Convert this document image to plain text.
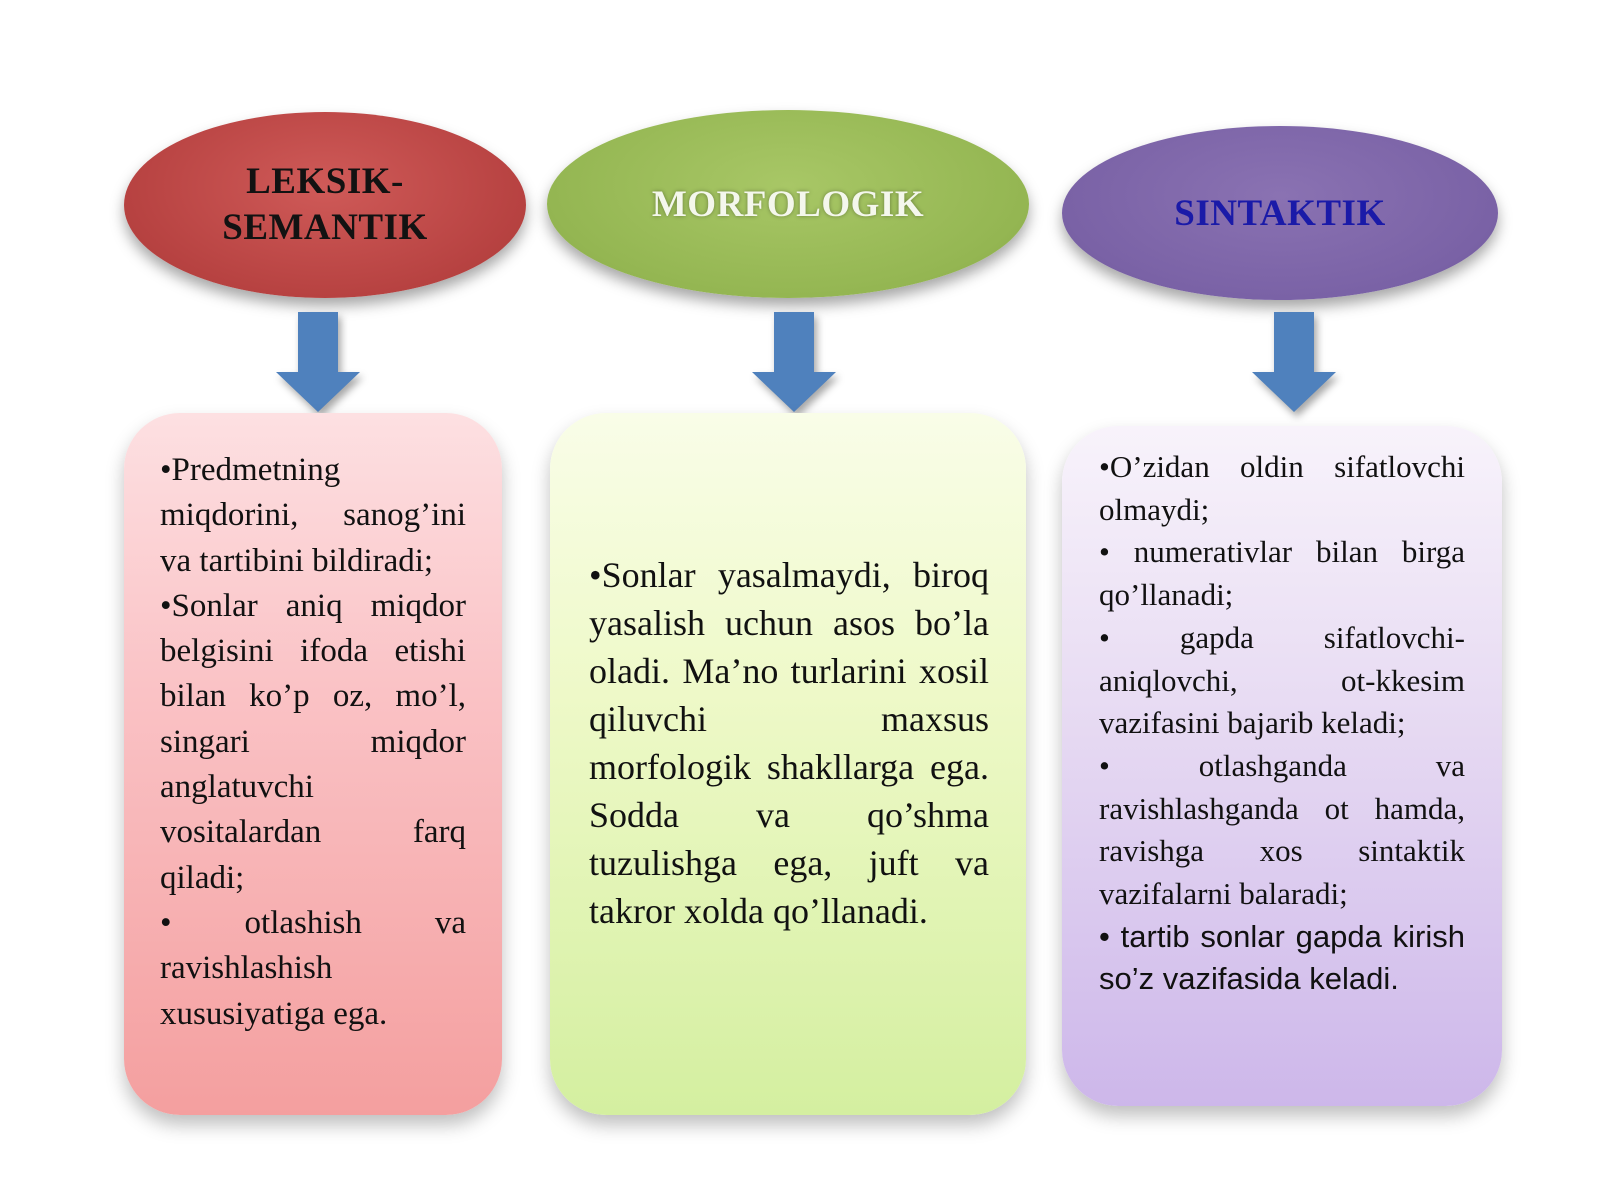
LEKSIK-
SEMANTIK
MORFOLOGIK	SINTAKTIK

•Predmetning miqdorini, sanog’ini va tartibini bildiradi;

•Sonlar aniq miqdor belgisini ifoda etishi bilan ko’p oz, mo’l, singari miqdor anglatuvchi vositalardan farq qiladi;

• otlashish va ravishlashish xususiyatiga ega.

•Sonlar yasalmaydi, biroq yasalish uchun asos bo’la oladi. Ma’no turlarini xosil qiluvchi maxsus morfologik shakllarga ega. Sodda va qo’shma tuzulishga ega, juft va takror xolda qo’llanadi.

•O’zidan oldin sifatlovchi olmaydi;

• numerativlar bilan birga qo’llanadi;

• gapda sifatlovchi-aniqlovchi, ot-kkesim vazifasini bajarib keladi;

• otlashganda va ravishlashganda ot hamda, ravishga xos sintaktik vazifalarni balaradi;

• tartib sonlar gapda kirish so’z vazifasida keladi.
